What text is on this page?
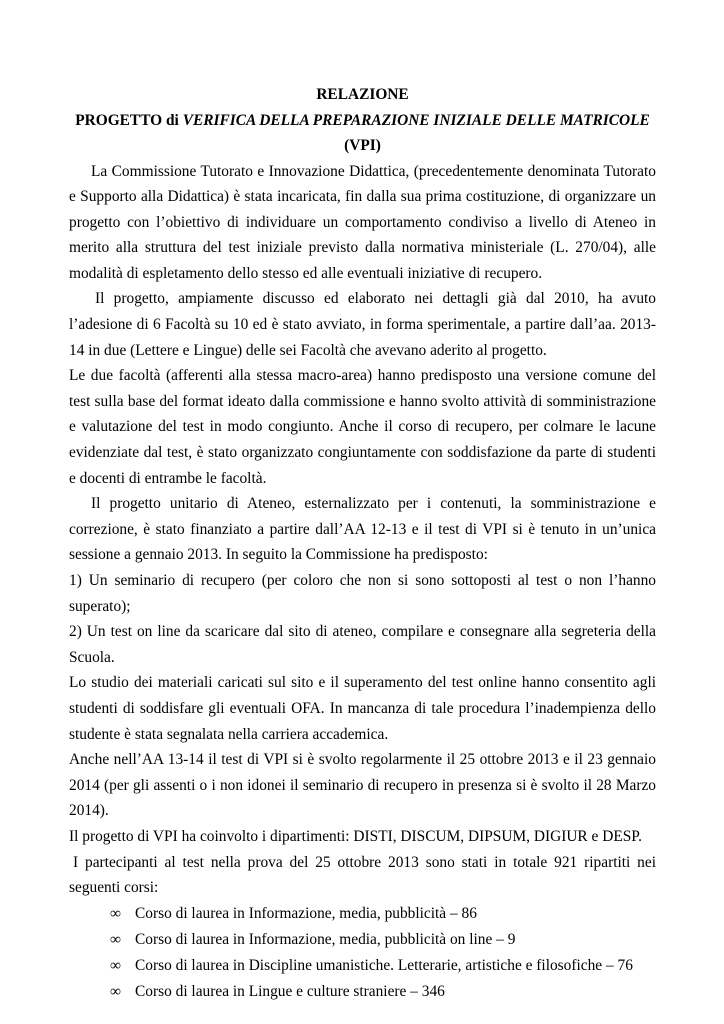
RELAZIONE
PROGETTO di VERIFICA DELLA PREPARAZIONE INIZIALE DELLE MATRICOLE
(VPI)

La Commissione Tutorato e Innovazione Didattica, (precedentemente denominata Tutorato e Supporto alla Didattica) è stata incaricata, fin dalla sua prima costituzione, di organizzare un progetto con l’obiettivo di individuare un comportamento condiviso a livello di Ateneo in merito alla struttura del test iniziale previsto dalla normativa ministeriale (L. 270/04), alle modalità di espletamento dello stesso ed alle eventuali iniziative di recupero.

Il progetto, ampiamente discusso ed elaborato nei dettagli già dal 2010, ha avuto l’adesione di 6 Facoltà su 10 ed è stato avviato, in forma sperimentale, a partire dall’aa. 2013-14 in due (Lettere e Lingue) delle sei Facoltà che avevano aderito al progetto.

Le due facoltà (afferenti alla stessa macro-area) hanno predisposto una versione comune del test sulla base del format ideato dalla commissione e hanno svolto attività di somministrazione e valutazione del test in modo congiunto. Anche il corso di recupero, per colmare le lacune evidenziate dal test, è stato organizzato congiuntamente con soddisfazione da parte di studenti e docenti di entrambe le facoltà.

Il progetto unitario di Ateneo, esternalizzato per i contenuti, la somministrazione e correzione, è stato finanziato a partire dall’AA 12-13 e il test di VPI si è tenuto in un’unica sessione a gennaio 2013. In seguito la Commissione ha predisposto:

1) Un seminario di recupero (per coloro che non si sono sottoposti al test o non l’hanno superato);

2) Un test on line da scaricare dal sito di ateneo, compilare e consegnare alla segreteria della Scuola.

Lo studio dei materiali caricati sul sito e il superamento del test online hanno consentito agli studenti di soddisfare gli eventuali OFA. In mancanza di tale procedura l’inadempienza dello studente è stata segnalata nella carriera accademica.

Anche nell’AA 13-14 il test di VPI si è svolto regolarmente il 25 ottobre 2013 e il 23 gennaio 2014 (per gli assenti o i non idonei il seminario di recupero in presenza si è svolto il 28 Marzo 2014).

Il progetto di VPI ha coinvolto i dipartimenti: DISTI, DISCUM, DIPSUM, DIGIUR e DESP.

I partecipanti al test nella prova del 25 ottobre 2013 sono stati in totale 921 ripartiti nei seguenti corsi:

∞ Corso di laurea in Informazione, media, pubblicità – 86
∞ Corso di laurea in Informazione, media, pubblicità on line – 9
∞ Corso di laurea in Discipline umanistiche. Letterarie, artistiche e filosofiche – 76
∞ Corso di laurea in Lingue e culture straniere – 346
